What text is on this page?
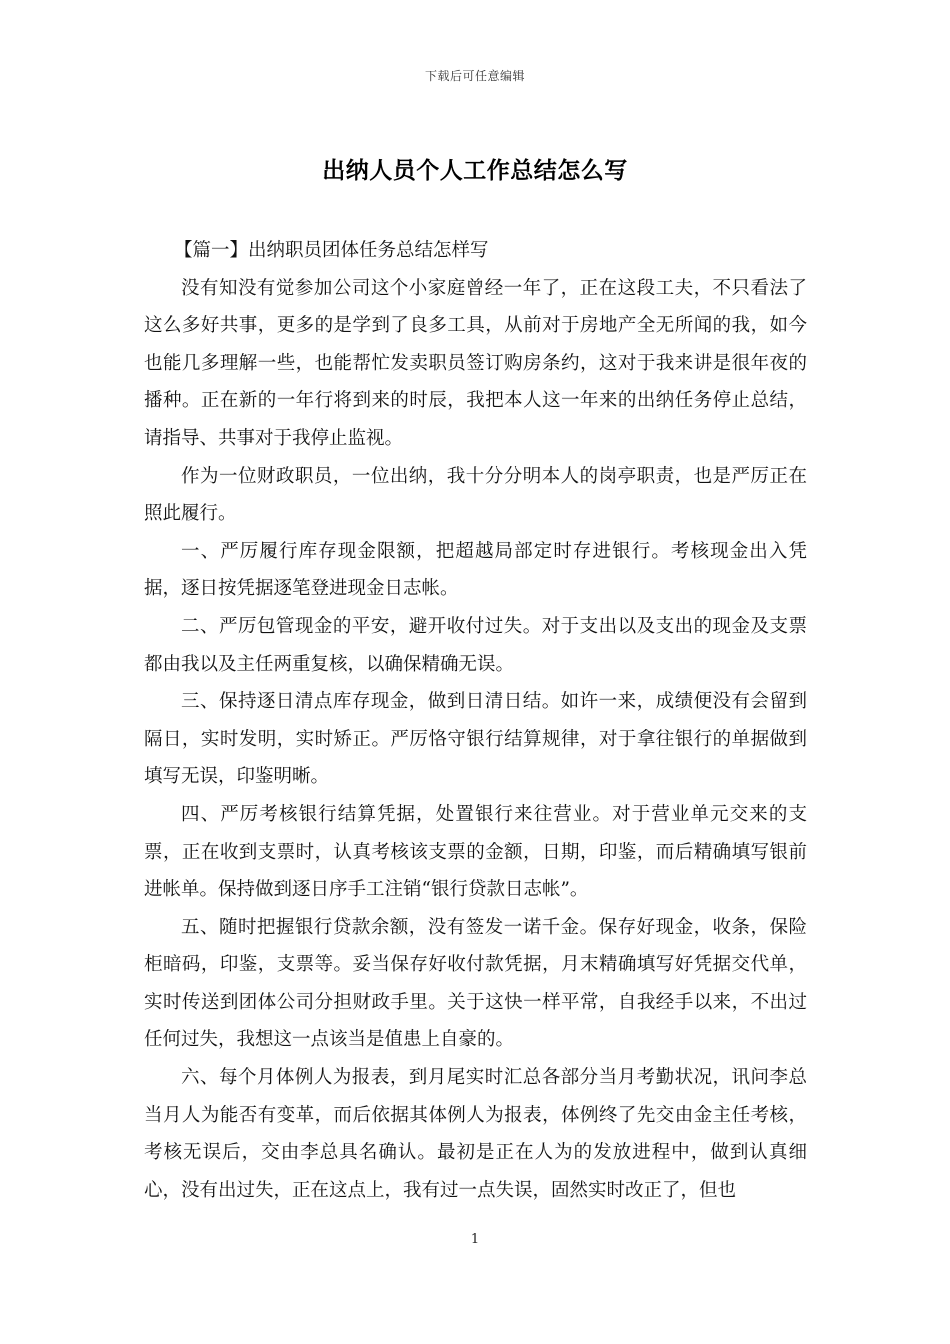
下载后可任意编辑
出纳人员个人工作总结怎么写
【篇一】出纳职员团体任务总结怎样写

没有知没有觉参加公司这个小家庭曾经一年了，正在这段工夫，不只看法了这么多好共事，更多的是学到了良多工具，从前对于房地产全无所闻的我，如今也能几多理解一些，也能帮忙发卖职员签订购房条约，这对于我来讲是很年夜的播种。正在新的一年行将到来的时辰，我把本人这一年来的出纳任务停止总结，请指导、共事对于我停止监视。

作为一位财政职员，一位出纳，我十分分明本人的岗亭职责，也是严厉正在照此履行。

一、严厉履行库存现金限额，把超越局部定时存进银行。考核现金出入凭据，逐日按凭据逐笔登进现金日志帐。

二、严厉包管现金的平安，避开收付过失。对于支出以及支出的现金及支票都由我以及主任两重复核，以确保精确无误。

三、保持逐日清点库存现金，做到日清日结。如许一来，成绩便没有会留到隔日，实时发明，实时矫正。严厉恪守银行结算规律，对于拿往银行的单据做到填写无误，印鉴明晰。

四、严厉考核银行结算凭据，处置银行来往营业。对于营业单元交来的支票，正在收到支票时，认真考核该支票的金额，日期，印鉴，而后精确填写银前进帐单。保持做到逐日序手工注销“银行贷款日志帐”。

五、随时把握银行贷款余额，没有签发一诺千金。保存好现金，收条，保险柜暗码，印鉴，支票等。妥当保存好收付款凭据，月末精确填写好凭据交代单，实时传送到团体公司分担财政手里。关于这快一样平常，自我经手以来，不出过任何过失，我想这一点该当是值患上自豪的。

六、每个月体例人为报表，到月尾实时汇总各部分当月考勤状况，讯问李总当月人为能否有变革，而后依据其体例人为报表，体例终了先交由金主任考核，考核无误后，交由李总具名确认。最初是正在人为的发放进程中，做到认真细心，没有出过失，正在这点上，我有过一点失误，固然实时改正了，但也

1
